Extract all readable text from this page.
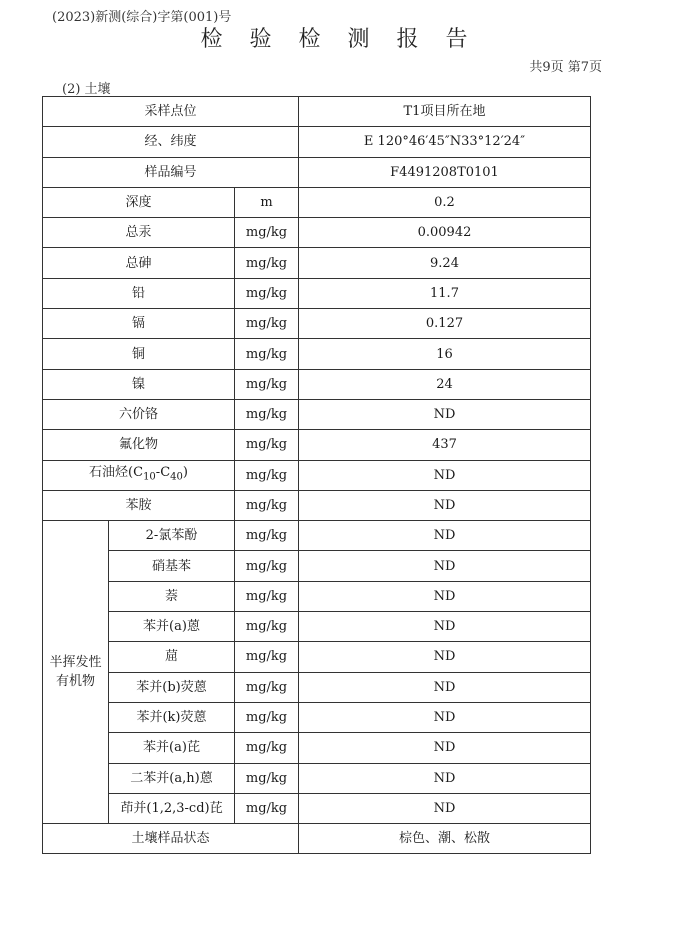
(2023)新测(综合)字第(001)号
检 验 检 测 报 告
共9页 第7页
(2) 土壤
采样点位			T1项目所在地
经、纬度			E 120°46′45″N33°12′24″
样品编号			F4491208T0101
深度		m	0.2
总汞		mg/kg	0.00942
总砷		mg/kg	9.24
铅		mg/kg	11.7
镉		mg/kg	0.127
铜		mg/kg	16
镍		mg/kg	24
六价铬		mg/kg	ND
氟化物		mg/kg	437
石油烃$(C_{10}-C_{40})$		mg/kg	ND
苯胺		mg/kg	ND
半挥发性
有机物	2-氯苯酚	mg/kg	ND
	硝基苯	mg/kg	ND
	萘	mg/kg	ND
	苯并(a)蒽	mg/kg	ND
	䓛	mg/kg	ND
	苯并(b)荧蒽	mg/kg	ND
	苯并(k)荧蒽	mg/kg	ND
	苯并(a)芘	mg/kg	ND
	二苯并(a,h)蒽	mg/kg	ND
	茚并(1,2,3-cd)芘	mg/kg	ND
土壤样品状态			棕色、潮、松散
